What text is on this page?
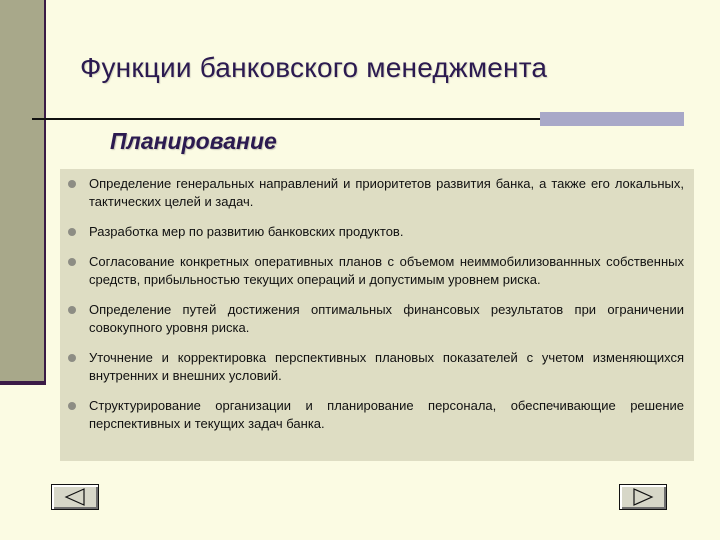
Функции банковского менеджмента
Планирование
Определение генеральных направлений и приоритетов развития банка, а также его локальных, тактических целей и задач.
Разработка мер по развитию банковских продуктов.
Согласование конкретных оперативных планов с объемом неиммобилизованнных собственных средств, прибыльностью текущих операций и допустимым уровнем риска.
Определение путей достижения оптимальных финансовых результатов при ограничении совокупного уровня риска.
Уточнение и корректировка перспективных плановых показателей с учетом изменяющихся внутренних и внешних условий.
Структурирование организации и планирование персонала, обеспечивающие решение перспективных и текущих задач банка.
